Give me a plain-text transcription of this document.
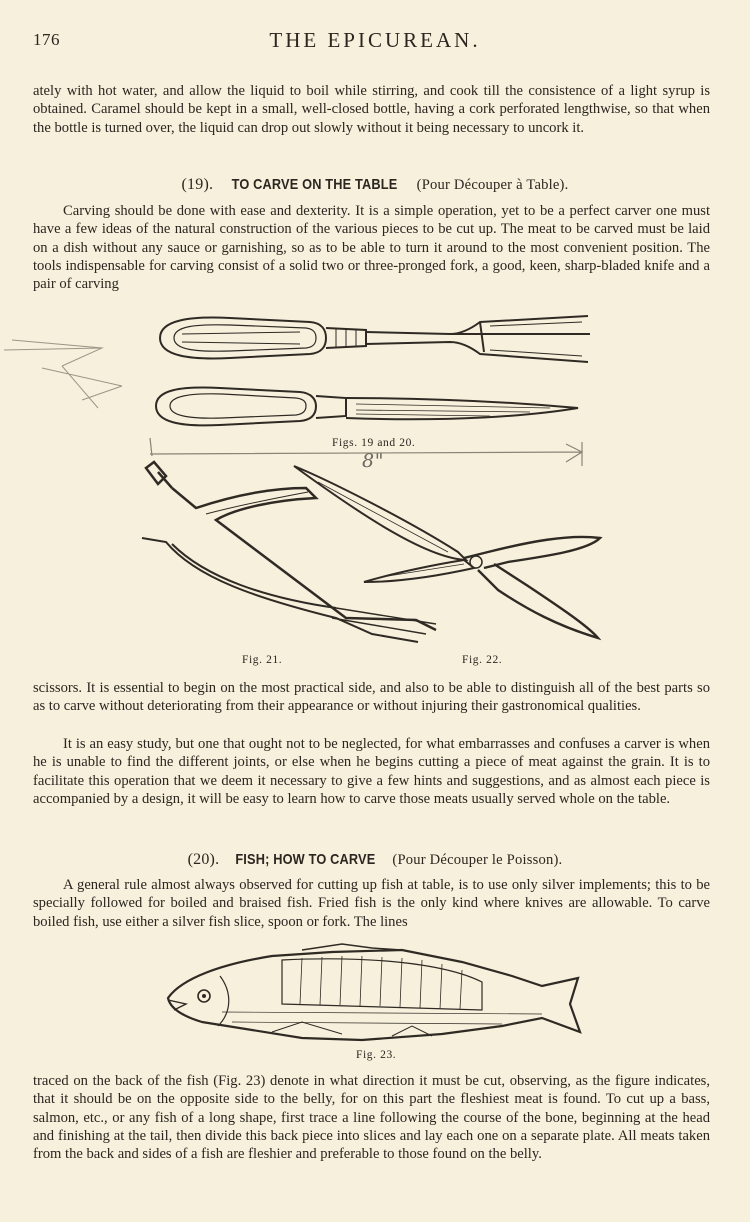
176	THE EPICUREAN.

ately with hot water, and allow the liquid to boil while stirring, and cook till the consistence of a light syrup is obtained. Caramel should be kept in a small, well-closed bottle, having a cork perforated lengthwise, so that when the bottle is turned over, the liquid can drop out slowly without it being necessary to uncork it.

(19). TO CARVE ON THE TABLE (Pour Découper à Table).

Carving should be done with ease and dexterity. It is a simple operation, yet to be a perfect carver one must have a few ideas of the natural construction of the various pieces to be cut up. The meat to be carved must be laid on a dish without any sauce or garnishing, so as to be able to turn it around to the most convenient position. The tools indispensable for carving consist of a solid two or three-pronged fork, a good, keen, sharp-bladed knife and a pair of carving

Figs. 19 and 20.
8"
Fig. 21.	Fig. 22.

scissors. It is essential to begin on the most practical side, and also to be able to distinguish all of the best parts so as to carve without deteriorating from their appearance or without injuring their gastronomical qualities.

It is an easy study, but one that ought not to be neglected, for what embarrasses and confuses a carver is when he is unable to find the different joints, or else when he begins cutting a piece of meat against the grain. It is to facilitate this operation that we deem it necessary to give a few hints and suggestions, and as almost each piece is accompanied by a design, it will be easy to learn how to carve those meats usually served whole on the table.

(20). FISH; HOW TO CARVE (Pour Découper le Poisson).

A general rule almost always observed for cutting up fish at table, is to use only silver implements; this to be specially followed for boiled and braised fish. Fried fish is the only kind where knives are allowable. To carve boiled fish, use either a silver fish slice, spoon or fork. The lines

Fig. 23.

traced on the back of the fish (Fig. 23) denote in what direction it must be cut, observing, as the figure indicates, that it should be on the opposite side to the belly, for on this part the fleshiest meat is found. To cut up a bass, salmon, etc., or any fish of a long shape, first trace a line following the course of the bone, beginning at the head and finishing at the tail, then divide this back piece into slices and lay each one on a separate plate. All meats taken from the back and sides of a fish are fleshier and preferable to those found on the belly.
